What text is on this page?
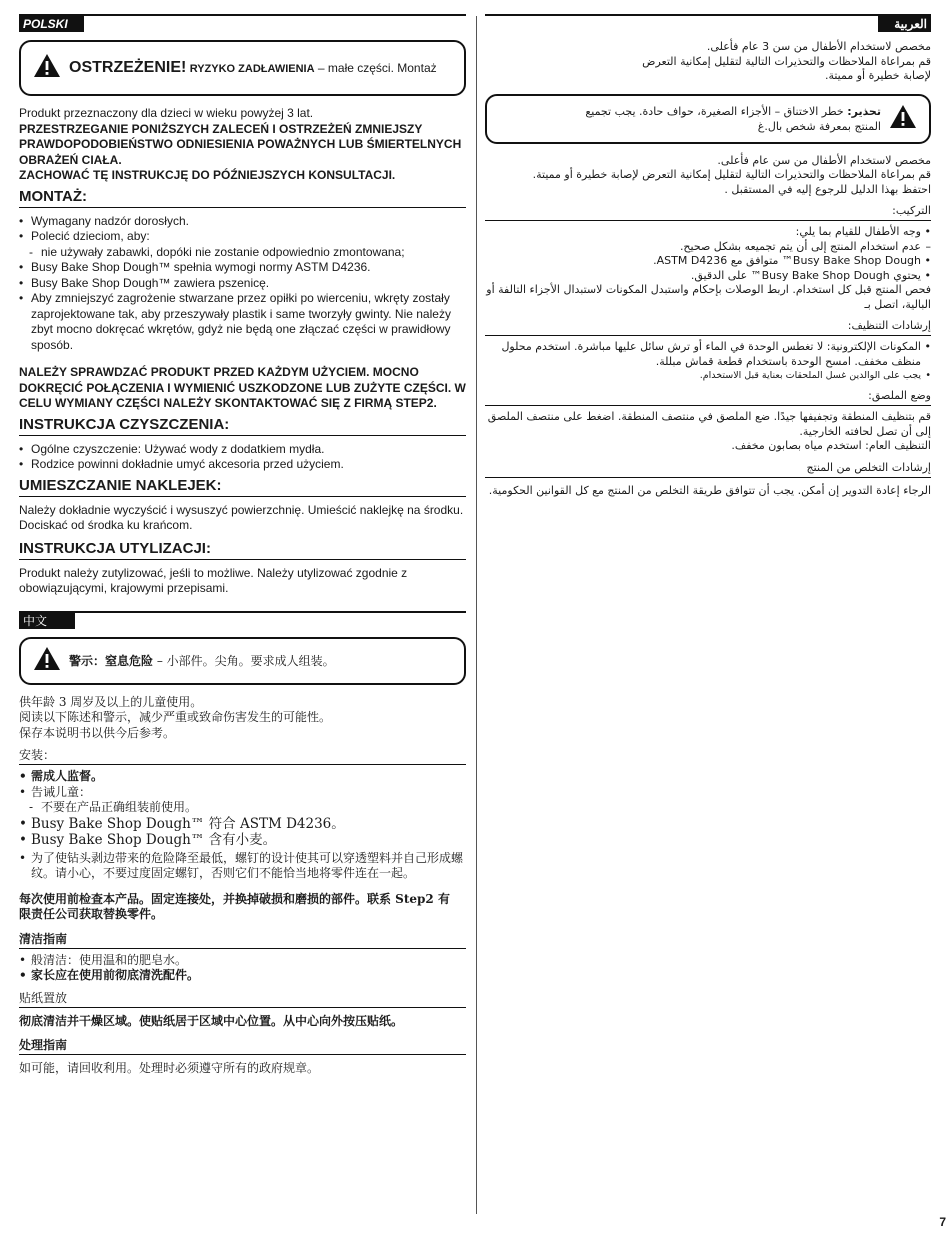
POLSKI
OSTRZEŻENIE! RYZYKO ZADŁAWIENIA – małe części. Montaż

Produkt przeznaczony dla dzieci w wieku powyżej 3 lat.

PRZESTRZEGANIE PONIŻSZYCH ZALECEŃ I OSTRZEŻEŃ ZMNIEJSZY PRAWDOPODOBIEŃSTWO ODNIESIENIA POWAŻNYCH LUB ŚMIERTELNYCH OBRAŻEŃ CIAŁA.

ZACHOWAĆ TĘ INSTRUKCJĘ DO PÓŹNIEJSZYCH KONSULTACJI.

MONTAŻ:
• Wymagany nadzór dorosłych.
• Polecić dzieciom, aby:
- nie używały zabawki, dopóki nie zostanie odpowiednio zmontowana;
• Busy Bake Shop Dough™ spełnia wymogi normy ASTM D4236.
• Busy Bake Shop Dough™ zawiera pszenicę.
• Aby zmniejszyć zagrożenie stwarzane przez opiłki po wierceniu, wkręty zostały zaprojektowane tak, aby przeszywały plastik i same tworzyły gwinty. Nie należy zbyt mocno dokręcać wkrętów, gdyż nie będą one złączać części w prawidłowy sposób.

NALEŻY SPRAWDZAĆ PRODUKT PRZED KAŻDYM UŻYCIEM. MOCNO DOKRĘCIĆ POŁĄCZENIA I WYMIENIĆ USZKODZONE LUB ZUŻYTE CZĘŚCI. W CELU WYMIANY CZĘŚCI NALEŻY SKONTAKTOWAĆ SIĘ Z FIRMĄ STEP2.

INSTRUKCJA CZYSZCZENIA:
• Ogólne czyszczenie: Używać wody z dodatkiem mydła.
• Rodzice powinni dokładnie umyć akcesoria przed użyciem.
UMIESZCZANIE NAKLEJEK:

Należy dokładnie wyczyścić i wysuszyć powierzchnię. Umieścić naklejkę na środku. Dociskać od środka ku krańcom.

INSTRUKCJA UTYLIZACJI:

Produkt należy zutylizować, jeśli to możliwe. Należy utylizować zgodnie z obowiązującymi, krajowymi przepisami.

中文
警示：窒息危险 – 小部件。尖角。要求成人组装。

供年龄 3 周岁及以上的儿童使用。
阅读以下陈述和警示，减少严重或致命伤害发生的可能性。
保存本说明书以供今后参考。

安装：
• 需成人监督。
• 告诫儿童：
- 不要在产品正确组装前使用。
• Busy Bake Shop Dough™ 符合 ASTM D4236。
• Busy Bake Shop Dough™ 含有小麦。
• 为了使钻头剥边带来的危险降至最低，螺钉的设计使其可以穿透塑料并自己形成螺纹。请小心，不要过度固定螺钉，否则它们不能恰当地将零件连在一起。

每次使用前检查本产品。固定连接处，并换掉破损和磨损的部件。联系 Step2 有 限责任公司获取替换零件。

清洁指南
• 般清洁：使用温和的肥皂水。
• 家长应在使用前彻底清洗配件。
贴纸置放

彻底清洁并干燥区域。使贴纸居于区域中心位置。从中心向外按压贴纸。

处理指南

如可能，请回收利用。处理时必须遵守所有的政府规章。

العربية

مخصص لاستخدام الأطفال من سن 3 عام فأعلى.
قم بمراعاة الملاحظات والتحذيرات التالية لتقليل إمكانية التعرض
لإصابة خطيرة أو مميتة.

تحذير: خطر الاختناق – الأجزاء الصغيرة، حواف حادة. يجب تجميع المنتج بمعرفة شخص بال.غ

مخصص لاستخدام الأطفال من سن عام فأعلى.
قم بمراعاة الملاحظات والتحذيرات التالية لتقليل إمكانية التعرض لإصابة خطيرة أو مميتة.
احتفظ بهذا الدليل للرجوع إليه في المستقبل .

التركيب:
• وجه الأطفال للقيام بما يلي:
– عدم استخدام المنتج إلى أن يتم تجميعه بشكل صحيح.
• Busy Bake Shop Dough™ متوافق مع ASTM D4236.
• يحتوي Busy Bake Shop Dough™ على الدقيق.

فحص المنتج قبل كل استخدام. اربط الوصلات بإحكام واستبدل المكونات لاستبدال الأجزاء التالفة أو البالية، اتصل بـ

إرشادات التنظيف:
• المكونات الإلكترونية: لا تغطس الوحدة في الماء أو ترش سائل عليها مباشرة. استخدم محلول منظف مخفف. امسح الوحدة باستخدام قطعة قماش مبللة.
• يجب على الوالدين غسل الملحقات بعناية قبل الاستخدام.
وضع الملصق:

قم بتنظيف المنطقة وتجفيفها جيدًا. ضع الملصق في منتصف المنطقة. اضغط على منتصف الملصق إلى أن تصل لحافته الخارجية.
التنظيف العام: استخدم مياه بصابون مخفف.

إرشادات التخلص من المنتج

الرجاء إعادة التدوير إن أمكن. يجب أن تتوافق طريقة التخلص من المنتج مع كل القوانين الحكومية.

7
